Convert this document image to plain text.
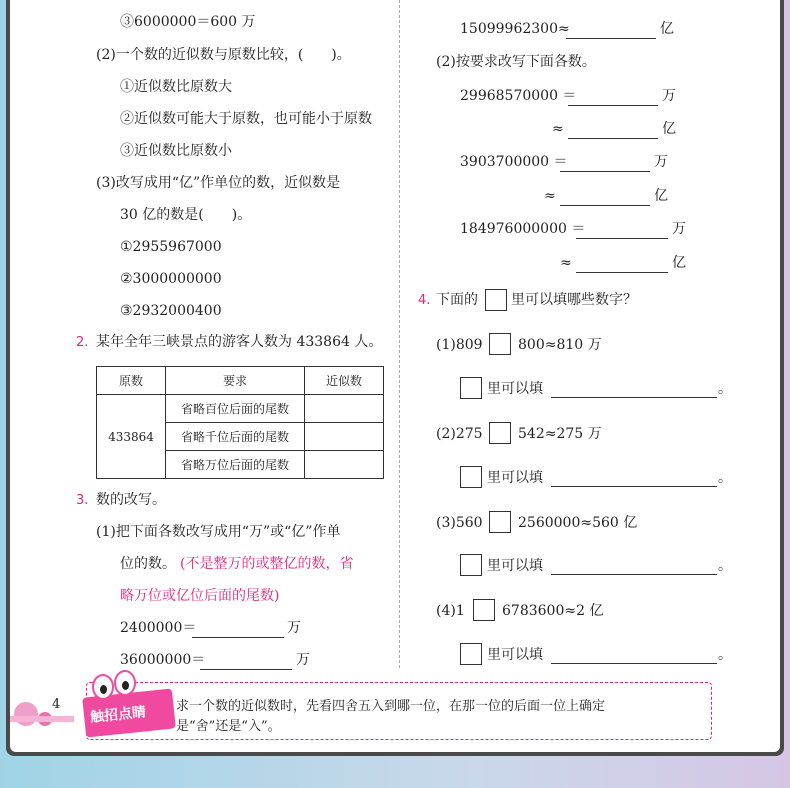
③6000000＝600 万
(2)一个数的近似数与原数比较，(　　)。
①近似数比原数大
②近似数可能大于原数，也可能小于原数
③近似数比原数小
(3)改写成用“亿”作单位的数，近似数是
30 亿的数是(　　)。
①2955967000
②3000000000
③2932000400
2. 某年全年三峡景点的游客人数为 433864 人。
原数	要求	近似数
433864	省略百位后面的尾数	
	省略千位后面的尾数	
	省略万位后面的尾数	
3. 数的改写。
(1)把下面各数改写成用“万”或“亿”作单
位的数。 (不是整万的或整亿的数，省
略万位或亿位后面的尾数)
2400000＝	万
36000000＝	万
15099962300≈	亿
(2)按要求改写下面各数。
29968570000 ＝	万
≈	亿
3903700000 ＝	万
≈	亿
184976000000 ＝	万
≈	亿
4. 下面的 里可以填哪些数字？
(1)809	800≈810 万
里可以填	。
(2)275	542≈275 万
里可以填	。
(3)560	2560000≈560 亿
里可以填	。
(4)1	6783600≈2 亿
里可以填	。
4 触招点睛 求一个数的近似数时，先看四舍五入到哪一位，在那一位的后面一位上确定
是“舍”还是“入”。
